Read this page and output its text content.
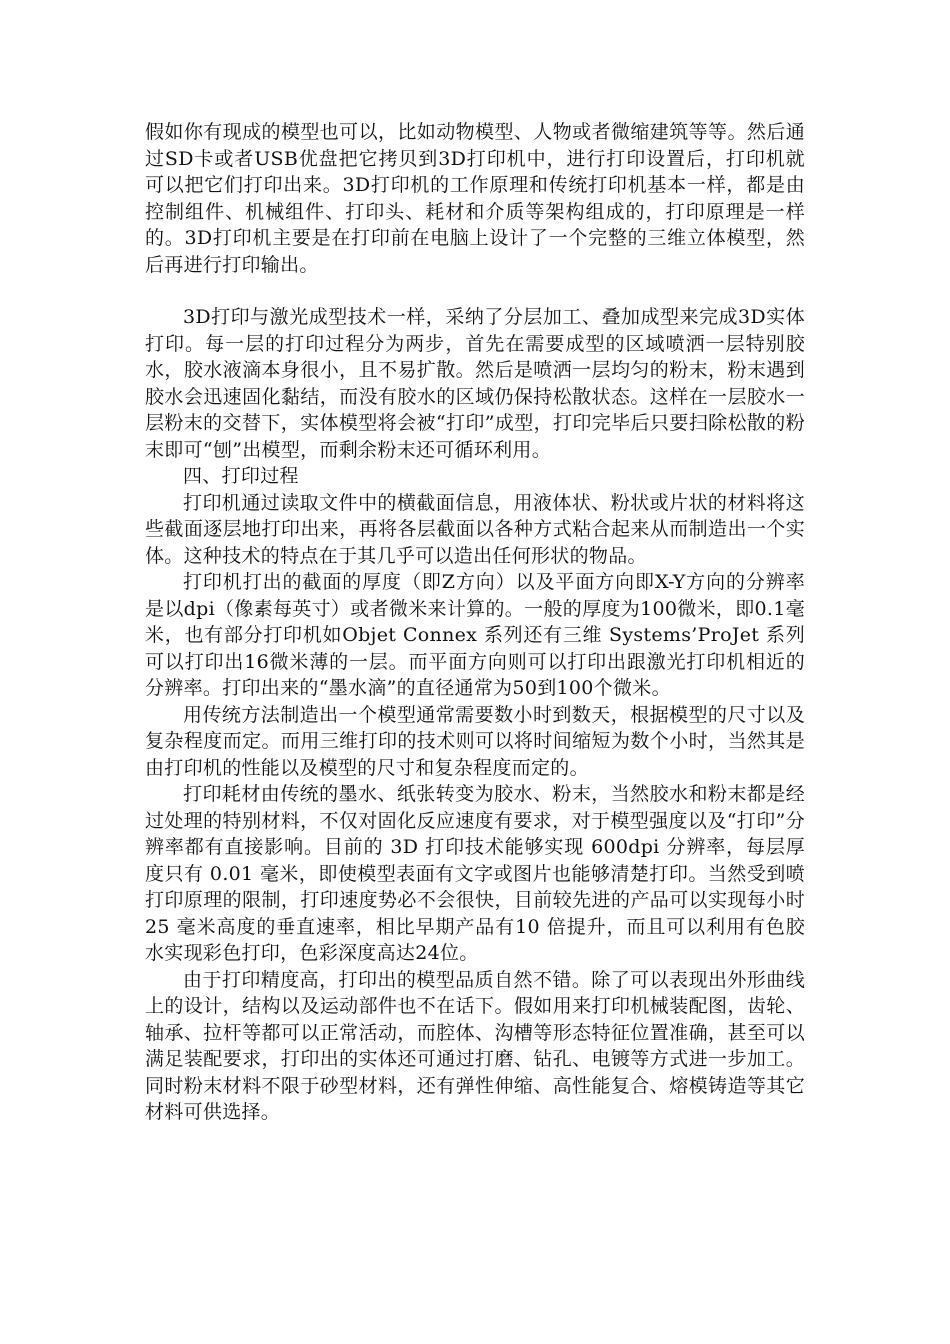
假如你有现成的模型也可以，比如动物模型、人物或者微缩建筑等等。然后通过SD卡或者USB优盘把它拷贝到3D打印机中，进行打印设置后，打印机就可以把它们打印出来。3D打印机的工作原理和传统打印机基本一样，都是由控制组件、机械组件、打印头、耗材和介质等架构组成的，打印原理是一样的。3D打印机主要是在打印前在电脑上设计了一个完整的三维立体模型，然后再进行打印输出。

3D打印与激光成型技术一样，采纳了分层加工、叠加成型来完成3D实体打印。每一层的打印过程分为两步，首先在需要成型的区域喷洒一层特别胶水，胶水液滴本身很小，且不易扩散。然后是喷洒一层均匀的粉末，粉末遇到胶水会迅速固化黏结，而没有胶水的区域仍保持松散状态。这样在一层胶水一层粉末的交替下，实体模型将会被“打印”成型，打印完毕后只要扫除松散的粉末即可“刨”出模型，而剩余粉末还可循环利用。

四、打印过程

打印机通过读取文件中的横截面信息，用液体状、粉状或片状的材料将这些截面逐层地打印出来，再将各层截面以各种方式粘合起来从而制造出一个实体。这种技术的特点在于其几乎可以造出任何形状的物品。

打印机打出的截面的厚度（即Z方向）以及平面方向即X-Y方向的分辨率是以dpi（像素每英寸）或者微米来计算的。一般的厚度为100微米，即0.1毫米，也有部分打印机如Objet Connex 系列还有三维 Systems’ProJet 系列可以打印出16微米薄的一层。而平面方向则可以打印出跟激光打印机相近的分辨率。打印出来的“墨水滴”的直径通常为50到100个微米。

用传统方法制造出一个模型通常需要数小时到数天，根据模型的尺寸以及复杂程度而定。而用三维打印的技术则可以将时间缩短为数个小时，当然其是由打印机的性能以及模型的尺寸和复杂程度而定的。

打印耗材由传统的墨水、纸张转变为胶水、粉末，当然胶水和粉末都是经过处理的特别材料，不仅对固化反应速度有要求，对于模型强度以及“打印”分辨率都有直接影响。目前的 3D 打印技术能够实现 600dpi 分辨率，每层厚度只有 0.01 毫米，即使模型表面有文字或图片也能够清楚打印。当然受到喷打印原理的限制，打印速度势必不会很快，目前较先进的产品可以实现每小时 25 毫米高度的垂直速率，相比早期产品有10 倍提升，而且可以利用有色胶水实现彩色打印，色彩深度高达24位。

由于打印精度高，打印出的模型品质自然不错。除了可以表现出外形曲线上的设计，结构以及运动部件也不在话下。假如用来打印机械装配图，齿轮、轴承、拉杆等都可以正常活动，而腔体、沟槽等形态特征位置准确，甚至可以满足装配要求，打印出的实体还可通过打磨、钻孔、电镀等方式进一步加工。同时粉末材料不限于砂型材料，还有弹性伸缩、高性能复合、熔模铸造等其它材料可供选择。
